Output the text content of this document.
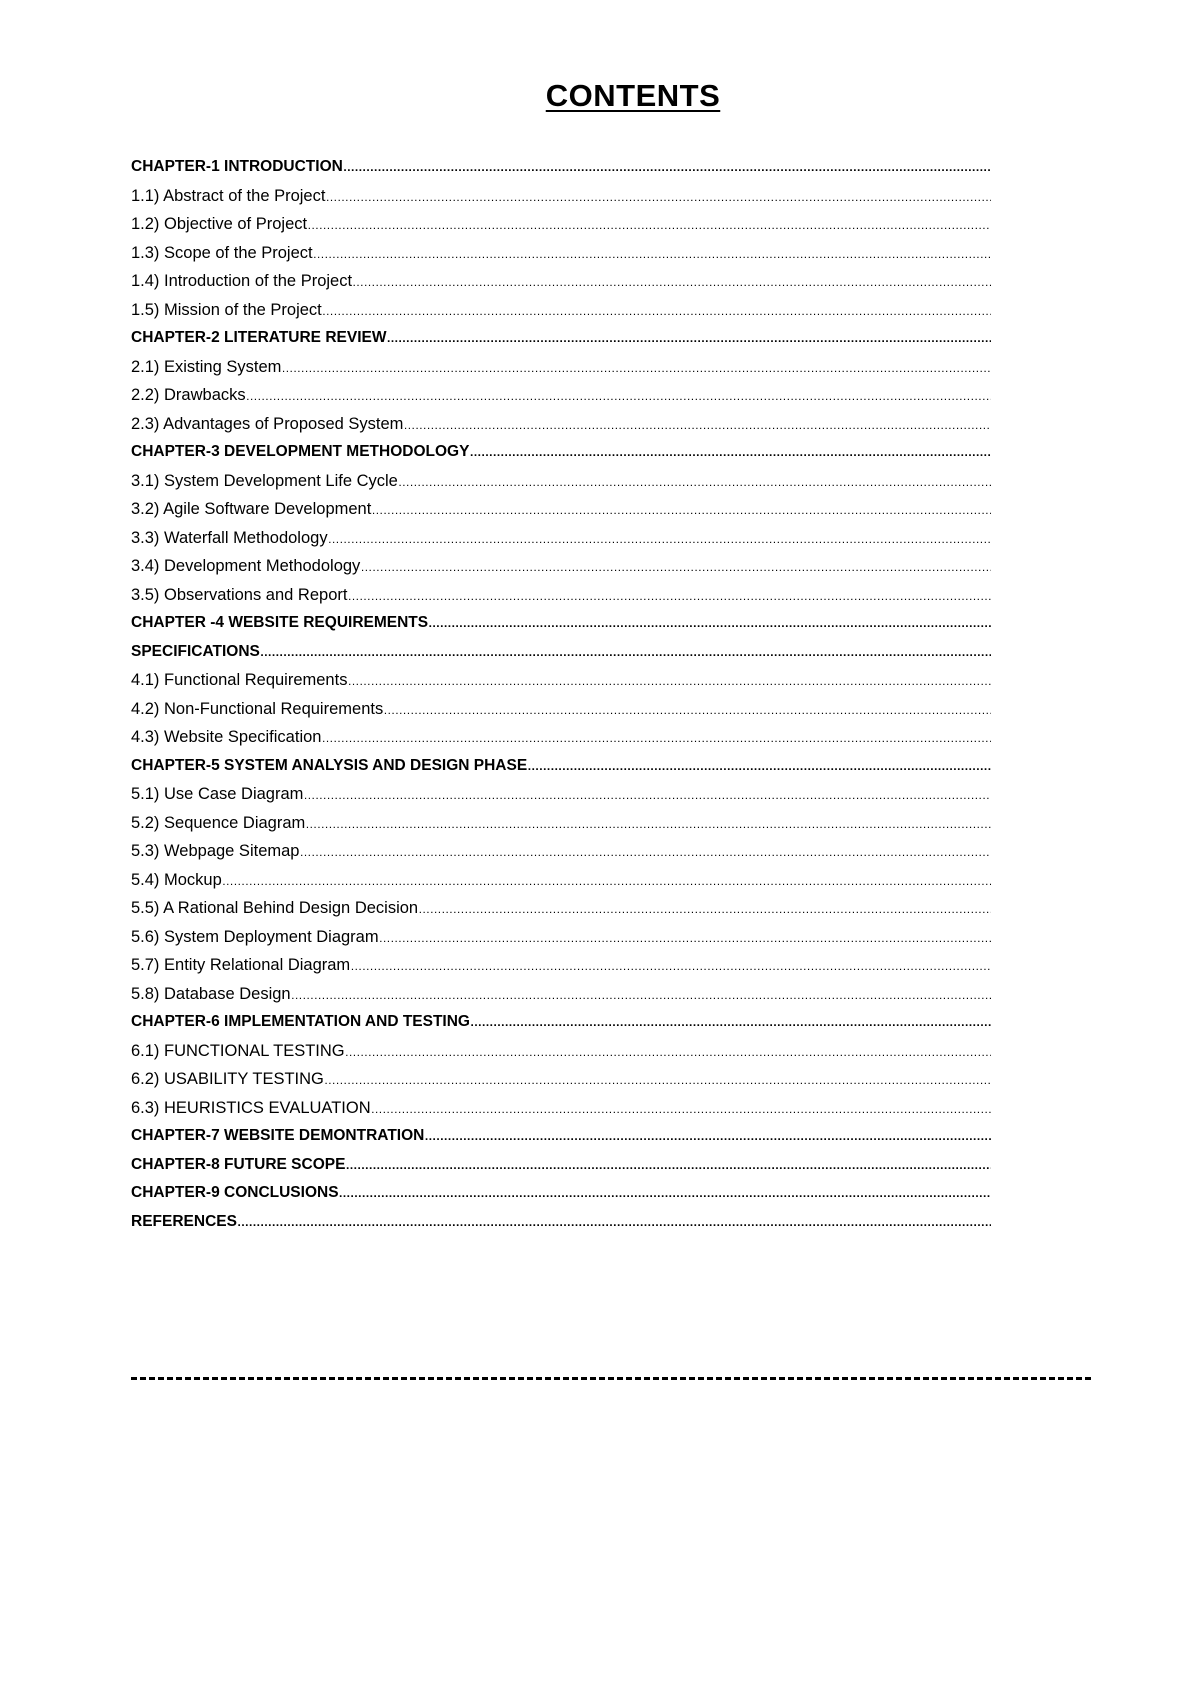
CONTENTS
CHAPTER-1 INTRODUCTION
…………………………………………………………………………………………………………………………………………………………………………………………
1.1) Abstract of the Project
…………………………………………………………………………………………………………………………………………………………………………………………
1.2) Objective of Project
…………………………………………………………………………………………………………………………………………………………………………………………
1.3) Scope of the Project
…………………………………………………………………………………………………………………………………………………………………………………………
1.4) Introduction of the Project
…………………………………………………………………………………………………………………………………………………………………………………………
1.5) Mission of the Project
…………………………………………………………………………………………………………………………………………………………………………………………
CHAPTER-2 LITERATURE REVIEW
…………………………………………………………………………………………………………………………………………………………………………………………
2.1) Existing System
…………………………………………………………………………………………………………………………………………………………………………………………
2.2) Drawbacks
…………………………………………………………………………………………………………………………………………………………………………………………
2.3) Advantages of Proposed System
…………………………………………………………………………………………………………………………………………………………………………………………
CHAPTER-3 DEVELOPMENT METHODOLOGY
…………………………………………………………………………………………………………………………………………………………………………………………
3.1) System Development Life Cycle
…………………………………………………………………………………………………………………………………………………………………………………………
3.2) Agile Software Development
…………………………………………………………………………………………………………………………………………………………………………………………
3.3) Waterfall Methodology
…………………………………………………………………………………………………………………………………………………………………………………………
3.4) Development Methodology
…………………………………………………………………………………………………………………………………………………………………………………………
3.5) Observations and Report
…………………………………………………………………………………………………………………………………………………………………………………………
CHAPTER -4 WEBSITE REQUIREMENTS
…………………………………………………………………………………………………………………………………………………………………………………………
SPECIFICATIONS
…………………………………………………………………………………………………………………………………………………………………………………………
4.1) Functional Requirements
…………………………………………………………………………………………………………………………………………………………………………………………
4.2) Non-Functional Requirements
…………………………………………………………………………………………………………………………………………………………………………………………
4.3) Website Specification
…………………………………………………………………………………………………………………………………………………………………………………………
CHAPTER-5 SYSTEM ANALYSIS AND DESIGN PHASE
…………………………………………………………………………………………………………………………………………………………………………………………
5.1) Use Case Diagram
…………………………………………………………………………………………………………………………………………………………………………………………
5.2) Sequence Diagram
…………………………………………………………………………………………………………………………………………………………………………………………
5.3) Webpage Sitemap
…………………………………………………………………………………………………………………………………………………………………………………………
5.4) Mockup
…………………………………………………………………………………………………………………………………………………………………………………………
5.5) A Rational Behind Design Decision
…………………………………………………………………………………………………………………………………………………………………………………………
5.6) System Deployment Diagram
…………………………………………………………………………………………………………………………………………………………………………………………
5.7) Entity Relational Diagram
…………………………………………………………………………………………………………………………………………………………………………………………
5.8) Database Design
…………………………………………………………………………………………………………………………………………………………………………………………
CHAPTER-6 IMPLEMENTATION AND TESTING
…………………………………………………………………………………………………………………………………………………………………………………………
6.1) FUNCTIONAL TESTING
…………………………………………………………………………………………………………………………………………………………………………………………
6.2) USABILITY TESTING
…………………………………………………………………………………………………………………………………………………………………………………………
6.3) HEURISTICS EVALUATION
…………………………………………………………………………………………………………………………………………………………………………………………
CHAPTER-7 WEBSITE DEMONTRATION
…………………………………………………………………………………………………………………………………………………………………………………………
CHAPTER-8 FUTURE SCOPE
…………………………………………………………………………………………………………………………………………………………………………………………
CHAPTER-9 CONCLUSIONS
…………………………………………………………………………………………………………………………………………………………………………………………
REFERENCES
…………………………………………………………………………………………………………………………………………………………………………………………
